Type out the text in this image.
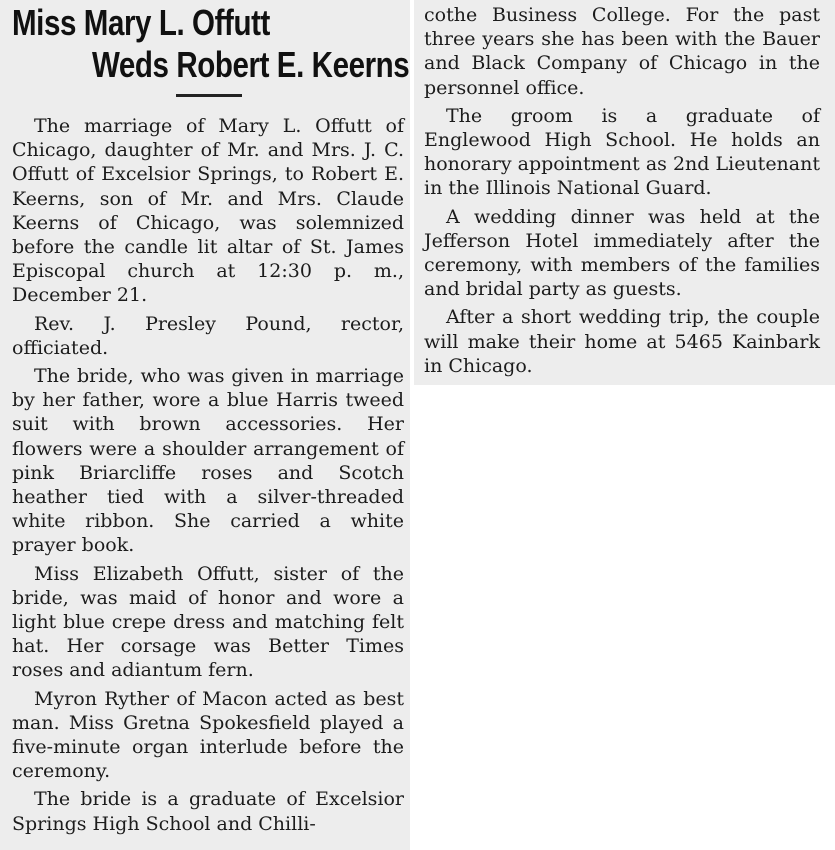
Miss Mary L. Offutt
Weds Robert E. Keerns

The marriage of Mary L. Offutt of Chicago, daughter of Mr. and Mrs. J. C. Offutt of Excelsior Springs, to Robert E. Keerns, son of Mr. and Mrs. Claude Keerns of Chicago, was solemnized before the candle lit altar of St. James Episcopal church at 12:30 p. m., December 21.

Rev. J. Presley Pound, rector, officiated.

The bride, who was given in marriage by her father, wore a blue Harris tweed suit with brown accessories. Her flowers were a shoulder arrangement of pink Briarcliffe roses and Scotch heather tied with a silver-threaded white ribbon. She carried a white prayer book.

Miss Elizabeth Offutt, sister of the bride, was maid of honor and wore a light blue crepe dress and matching felt hat. Her corsage was Better Times roses and adiantum fern.

Myron Ryther of Macon acted as best man. Miss Gretna Spokesfield played a five-minute organ interlude before the ceremony.

The bride is a graduate of Excelsior Springs High School and Chilli-

cothe Business College. For the past three years she has been with the Bauer and Black Company of Chicago in the personnel office.

The groom is a graduate of Englewood High School. He holds an honorary appointment as 2nd Lieutenant in the Illinois National Guard.

A wedding dinner was held at the Jefferson Hotel immediately after the ceremony, with members of the families and bridal party as guests.

After a short wedding trip, the couple will make their home at 5465 Kainbark in Chicago.
